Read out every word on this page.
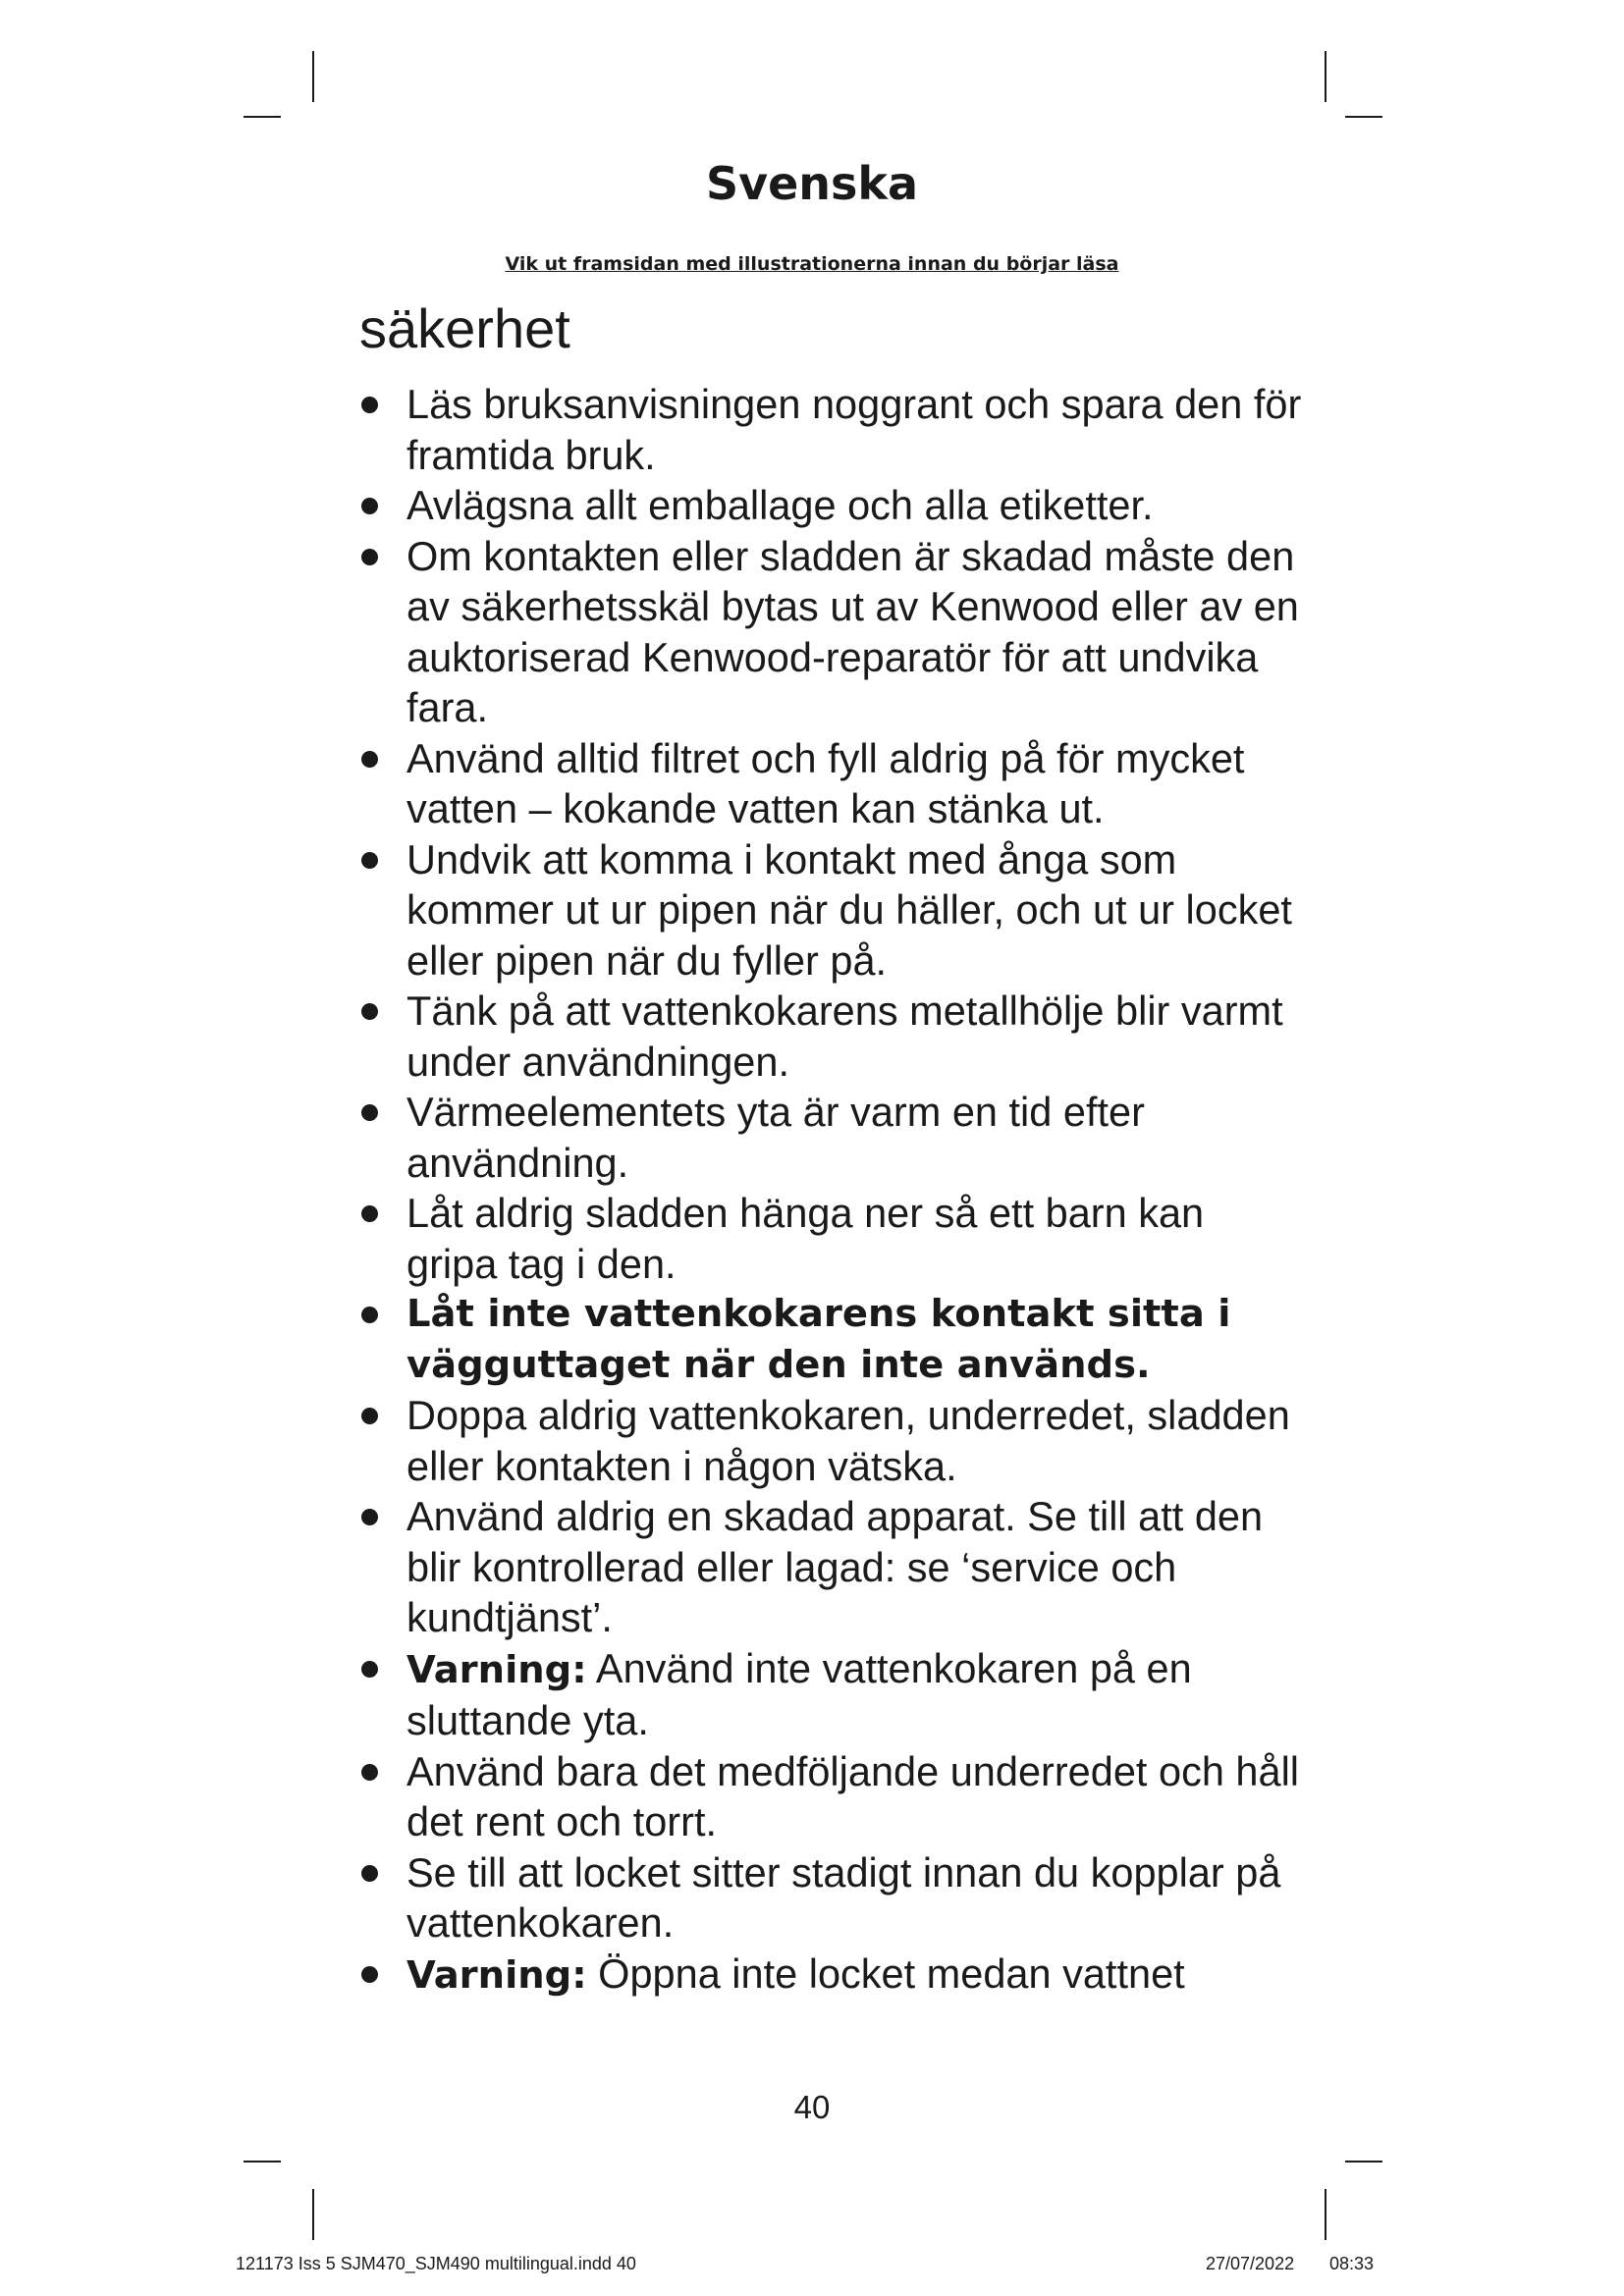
Svenska
Vik ut framsidan med illustrationerna innan du börjar läsa
säkerhet
Läs bruksanvisningen noggrant och spara den för framtida bruk.
Avlägsna allt emballage och alla etiketter.
Om kontakten eller sladden är skadad måste den av säkerhetsskäl bytas ut av Kenwood eller av en auktoriserad Kenwood-reparatör för att undvika fara.
Använd alltid filtret och fyll aldrig på för mycket vatten – kokande vatten kan stänka ut.
Undvik att komma i kontakt med ånga som kommer ut ur pipen när du häller, och ut ur locket eller pipen när du fyller på.
Tänk på att vattenkokarens metallhölje blir varmt under användningen.
Värmeelementets yta är varm en tid efter användning.
Låt aldrig sladden hänga ner så ett barn kan gripa tag i den.
Låt inte vattenkokarens kontakt sitta i vägguttaget när den inte används.
Doppa aldrig vattenkokaren, underredet, sladden eller kontakten i någon vätska.
Använd aldrig en skadad apparat. Se till att den blir kontrollerad eller lagad: se ‘service och kundtjänst’.
Varning: Använd inte vattenkokaren på en sluttande yta.
Använd bara det medföljande underredet och håll det rent och torrt.
Se till att locket sitter stadigt innan du kopplar på vattenkokaren.
Varning: Öppna inte locket medan vattnet
40
121173 Iss 5 SJM470_SJM490 multilingual.indd 40	27/07/2022 08:33
